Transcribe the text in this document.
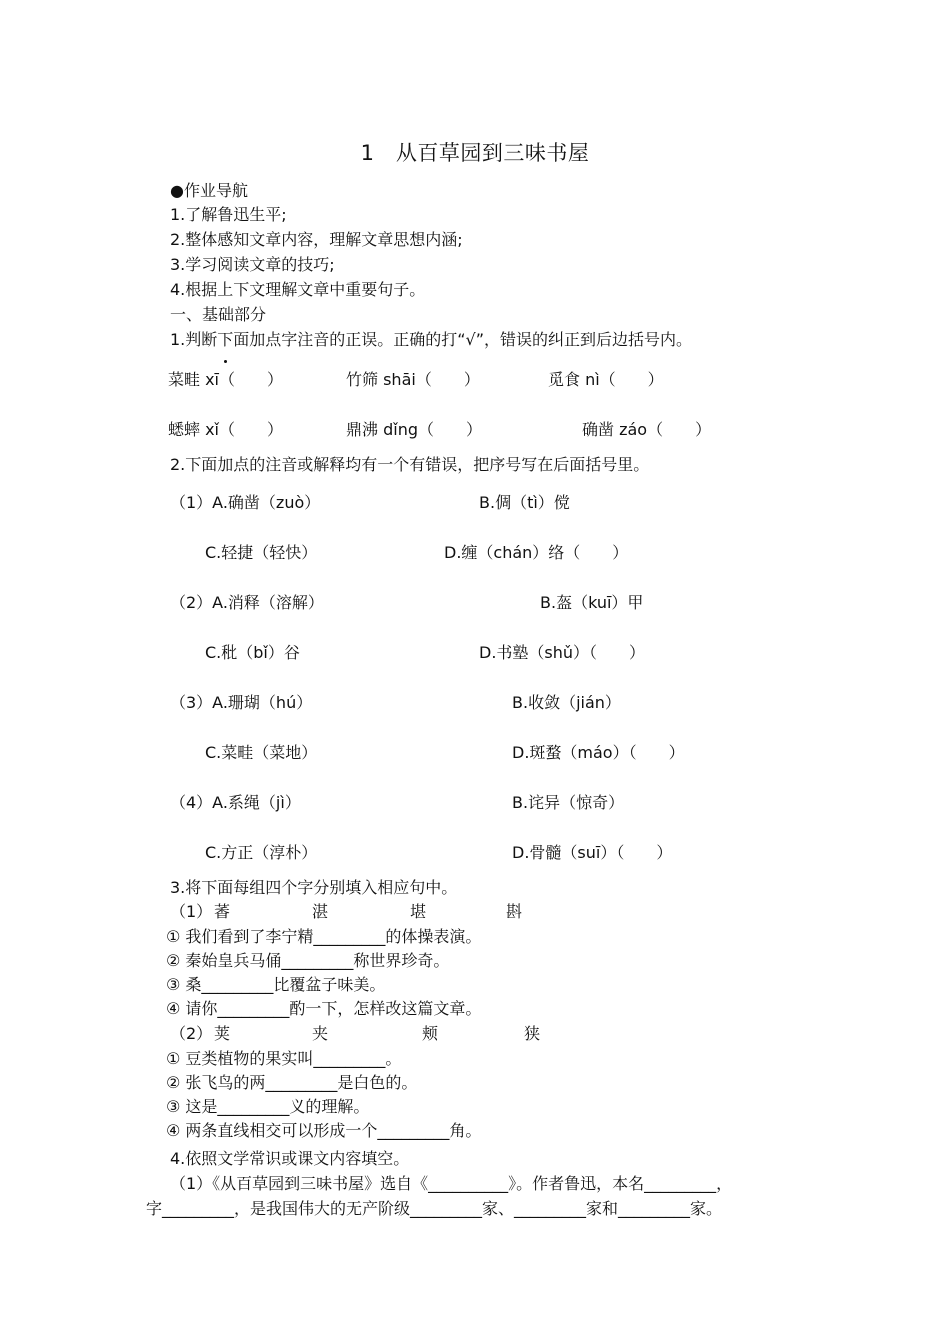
1　从百草园到三味书屋
●作业导航
1.了解鲁迅生平;
2.整体感知文章内容，理解文章思想内涵;
3.学习阅读文章的技巧;
4.根据上下文理解文章中重要句子。
一、基础部分
1.判断下面加点字注音的正误。正确的打“√”，错误的纠正到后边括号内。
菜畦 xī（　　）	竹筛 shāi（　　）	觅食 nì（　　）
蟋蟀 xǐ（　　）	鼎沸 dǐng（　　）	确凿 záo（　　）
2.下面加点的注音或解释均有一个有错误，把序号写在后面括号里。
（1）A.确凿（zuò）	B.倜（tì）傥
C.轻捷（轻快）	D.缠（chán）络（　　）
（2）A.消释（溶解）	B.盔（kuī）甲
C.秕（bǐ）谷	D.书塾（shǔ）（　　）
（3）A.珊瑚（hú）	B.收敛（jián）
C.菜畦（菜地）	D.斑蝥（máo）（　　）
（4）A.系绳（jì）	B.诧异（惊奇）
C.方正（淳朴）	D.骨髓（suī）（　　）
3.将下面每组四个字分别填入相应句中。
（1） 萫	湛	堪	斟
① 我们看到了李宁精_________的体操表演。
② 秦始皇兵马俑_________称世界珍奇。
③ 桑_________比覆盆子味美。
④ 请你_________酌一下，怎样改这篇文章。
（2） 荚	夹	颊	狭
① 豆类植物的果实叫_________。
② 张飞鸟的两_________是白色的。
③ 这是_________义的理解。
④ 两条直线相交可以形成一个_________角。
4.依照文学常识或课文内容填空。
（1）《从百草园到三味书屋》选自《__________》。作者鲁迅，本名_________，
字_________，是我国伟大的无产阶级_________家、_________家和_________家。
